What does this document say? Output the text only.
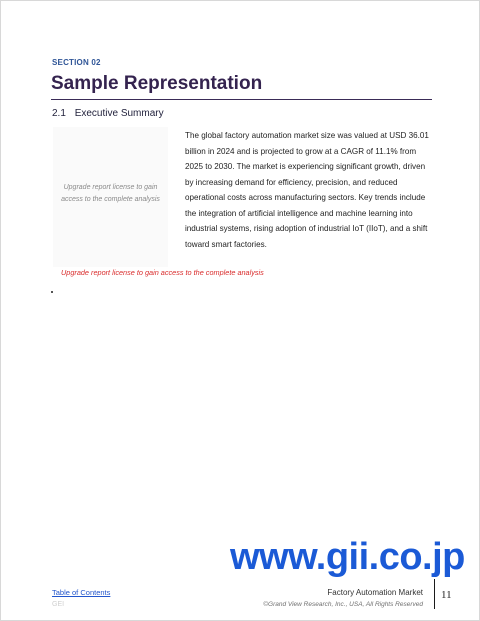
SECTION 02
Sample Representation
2.1 Executive Summary
Upgrade report license to gain access to the complete analysis
The global factory automation market size was valued at USD 36.01 billion in 2024 and is projected to grow at a CAGR of 11.1% from 2025 to 2030. The market is experiencing significant growth, driven by increasing demand for efficiency, precision, and reduced operational costs across manufacturing sectors. Key trends include the integration of artificial intelligence and machine learning into industrial systems, rising adoption of industrial IoT (IIoT), and a shift toward smart factories.
Upgrade report license to gain access to the complete analysis
www.gii.co.jp
Table of Contents
GEI
Factory Automation Market
©Grand View Research, Inc., USA, All Rights Reserved
11
